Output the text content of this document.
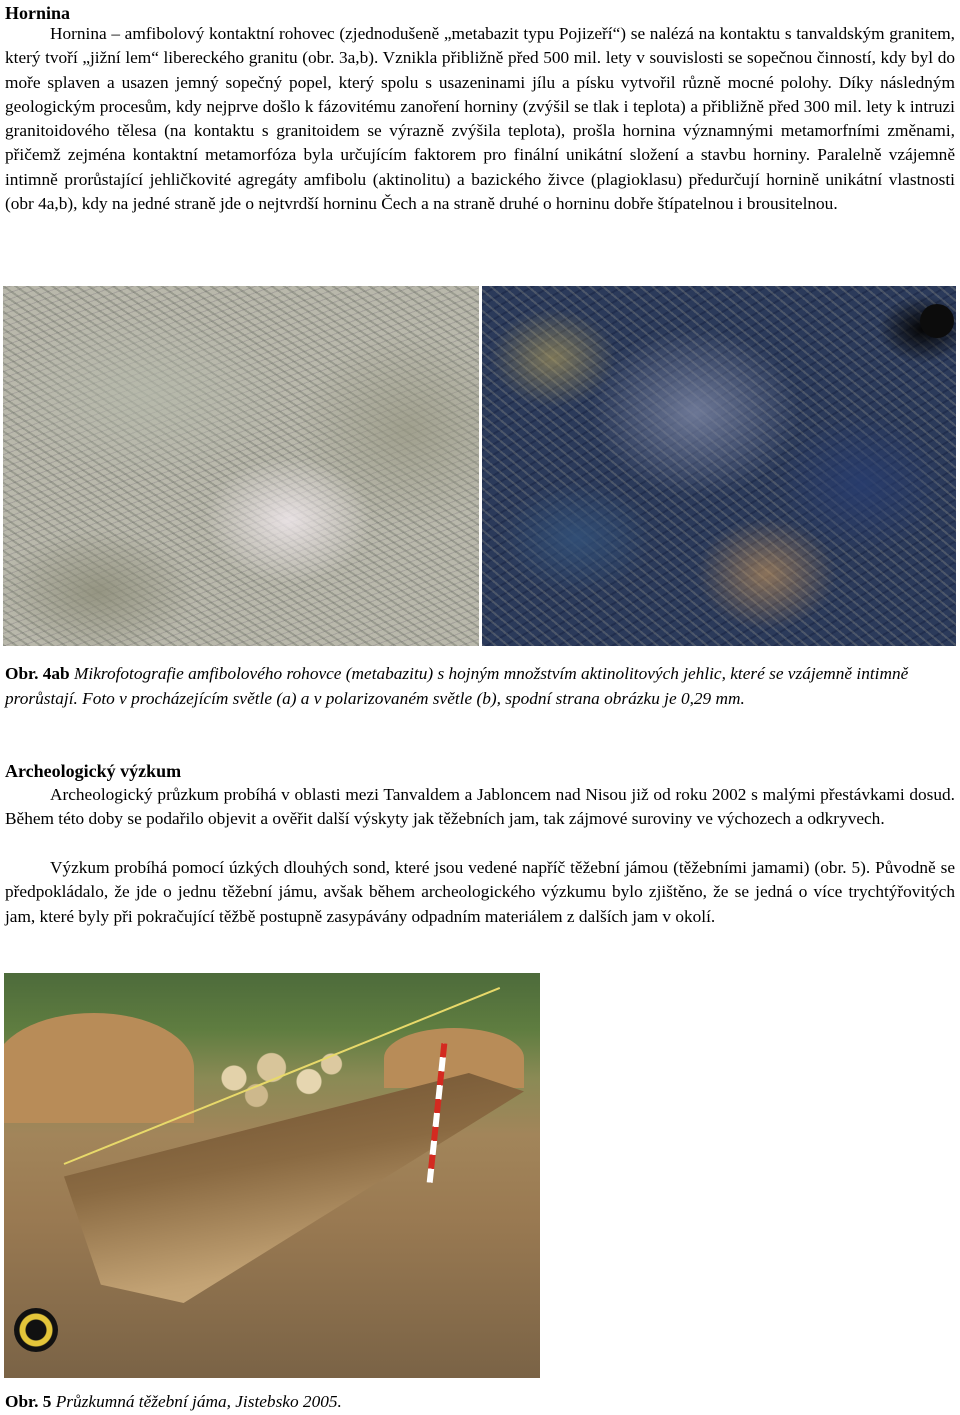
Hornina

Hornina – amfibolový kontaktní rohovec (zjednodušeně „metabazit typu Pojizeří“) se nalézá na kontaktu s tanvaldským granitem, který tvoří „jižní lem“ libereckého granitu (obr. 3a,b). Vznikla přibližně před 500 mil. lety v souvislosti se sopečnou činností, kdy byl do moře splaven a usazen jemný sopečný popel, který spolu s usazeninami jílu a písku vytvořil různě mocné polohy. Díky následným geologickým procesům, kdy nejprve došlo k fázovitému zanoření horniny (zvýšil se tlak i teplota) a přibližně před 300 mil. lety k intruzi granitoidového tělesa (na kontaktu s granitoidem se výrazně zvýšila teplota), prošla hornina významnými metamorfními změnami, přičemž zejména kontaktní metamorfóza byla určujícím faktorem pro finální unikátní složení a stavbu horniny. Paralelně vzájemně intimně prorůstající jehličkovité agregáty amfibolu (aktinolitu) a bazického živce (plagioklasu) předurčují hornině unikátní vlastnosti (obr 4a,b), kdy na jedné straně jde o nejtvrdší horninu Čech a na straně druhé o horninu dobře štípatelnou i brousitelnou.

Obr. 4ab Mikrofotografie amfibolového rohovce (metabazitu) s hojným množstvím aktinolitových jehlic, které se vzájemně intimně prorůstají. Foto v procházejícím světle (a) a v polarizovaném světle (b), spodní strana obrázku je 0,29 mm.

Archeologický výzkum

Archeologický průzkum probíhá v oblasti mezi Tanvaldem a Jabloncem nad Nisou již od roku 2002 s malými přestávkami dosud. Během této doby se podařilo objevit a ověřit další výskyty jak těžebních jam, tak zájmové suroviny ve výchozech a odkryvech.

Výzkum probíhá pomocí úzkých dlouhých sond, které jsou vedené napříč těžební jámou (těžebními jamami) (obr. 5). Původně se předpokládalo, že jde o jednu těžební jámu, avšak během archeologického výzkumu bylo zjištěno, že se jedná o více trychtýřovitých jam, které byly při pokračující těžbě postupně zasypávány odpadním materiálem z dalších jam v okolí.

Obr. 5 Průzkumná těžební jáma, Jistebsko 2005.
